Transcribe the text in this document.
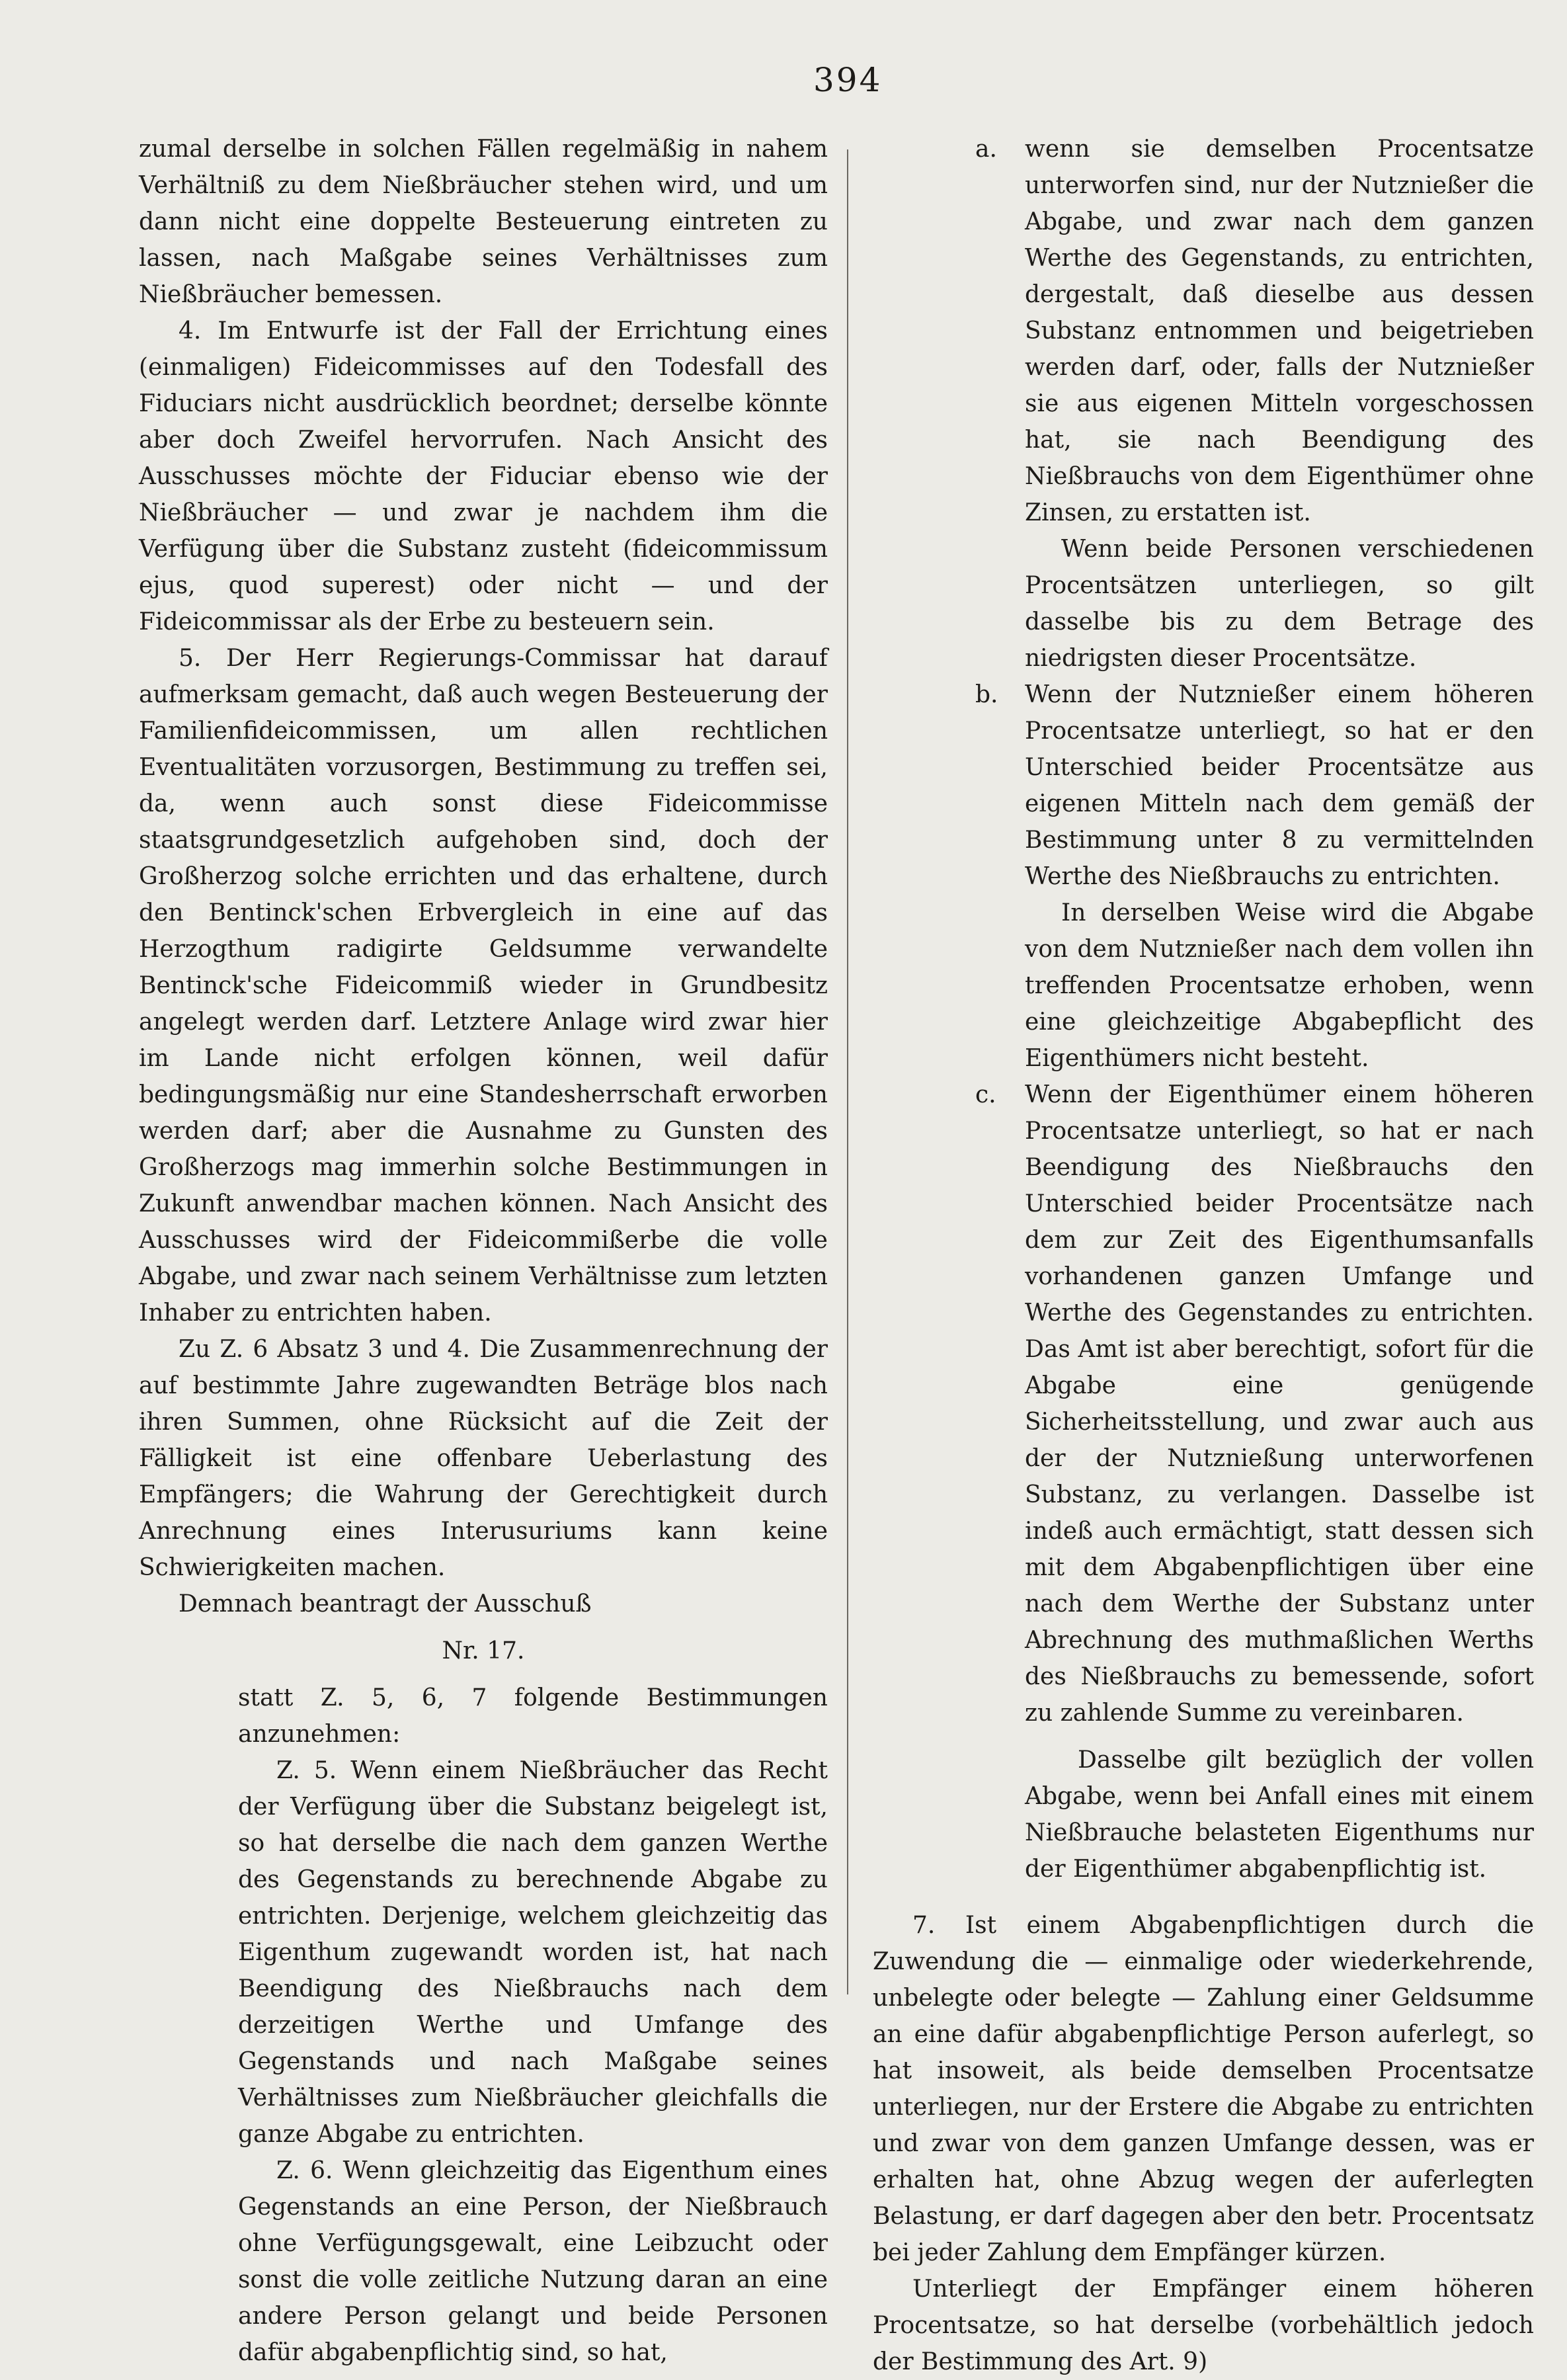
394

zumal derselbe in solchen Fällen regelmäßig in nahem Verhältniß zu dem Nießbräucher stehen wird, und um dann nicht eine doppelte Besteuerung eintreten zu lassen, nach Maßgabe seines Verhältnisses zum Nießbräucher bemessen.

4. Im Entwurfe ist der Fall der Errichtung eines (einmaligen) Fideicommisses auf den Todesfall des Fiduciars nicht ausdrücklich beordnet; derselbe könnte aber doch Zweifel hervorrufen. Nach Ansicht des Ausschusses möchte der Fiduciar ebenso wie der Nießbräucher — und zwar je nachdem ihm die Verfügung über die Substanz zusteht (fideicommissum ejus, quod superest) oder nicht — und der Fideicommissar als der Erbe zu besteuern sein.

5. Der Herr Regierungs-Commissar hat darauf aufmerksam gemacht, daß auch wegen Besteuerung der Familienfideicommissen, um allen rechtlichen Eventualitäten vorzusorgen, Bestimmung zu treffen sei, da, wenn auch sonst diese Fideicommisse staatsgrundgesetzlich aufgehoben sind, doch der Großherzog solche errichten und das erhaltene, durch den Bentinck'schen Erbvergleich in eine auf das Herzogthum radigirte Geldsumme verwandelte Bentinck'sche Fideicommiß wieder in Grundbesitz angelegt werden darf. Letztere Anlage wird zwar hier im Lande nicht erfolgen können, weil dafür bedingungsmäßig nur eine Standesherrschaft erworben werden darf; aber die Ausnahme zu Gunsten des Großherzogs mag immerhin solche Bestimmungen in Zukunft anwendbar machen können. Nach Ansicht des Ausschusses wird der Fideicommißerbe die volle Abgabe, und zwar nach seinem Verhältnisse zum letzten Inhaber zu entrichten haben.

Zu Z. 6 Absatz 3 und 4. Die Zusammenrechnung der auf bestimmte Jahre zugewandten Beträge blos nach ihren Summen, ohne Rücksicht auf die Zeit der Fälligkeit ist eine offenbare Ueberlastung des Empfängers; die Wahrung der Gerechtigkeit durch Anrechnung eines Interusuriums kann keine Schwierigkeiten machen.

Demnach beantragt der Ausschuß

Nr. 17.

statt Z. 5, 6, 7 folgende Bestimmungen anzunehmen:

Z. 5. Wenn einem Nießbräucher das Recht der Verfügung über die Substanz beigelegt ist, so hat derselbe die nach dem ganzen Werthe des Gegenstands zu berechnende Abgabe zu entrichten. Derjenige, welchem gleichzeitig das Eigenthum zugewandt worden ist, hat nach Beendigung des Nießbrauchs nach dem derzeitigen Werthe und Umfange des Gegenstands und nach Maßgabe seines Verhältnisses zum Nießbräucher gleichfalls die ganze Abgabe zu entrichten.

Z. 6. Wenn gleichzeitig das Eigenthum eines Gegenstands an eine Person, der Nießbrauch ohne Verfügungsgewalt, eine Leibzucht oder sonst die volle zeitliche Nutzung daran an eine andere Person gelangt und beide Personen dafür abgabenpflichtig sind, so hat,

a. wenn sie demselben Procentsatze unterworfen sind, nur der Nutznießer die Abgabe, und zwar nach dem ganzen Werthe des Gegenstands, zu entrichten, dergestalt, daß dieselbe aus dessen Substanz entnommen und beigetrieben werden darf, oder, falls der Nutznießer sie aus eigenen Mitteln vorgeschossen hat, sie nach Beendigung des Nießbrauchs von dem Eigenthümer ohne Zinsen, zu erstatten ist.

Wenn beide Personen verschiedenen Procentsätzen unterliegen, so gilt dasselbe bis zu dem Betrage des niedrigsten dieser Procentsätze.

b. Wenn der Nutznießer einem höheren Procentsatze unterliegt, so hat er den Unterschied beider Procentsätze aus eigenen Mitteln nach dem gemäß der Bestimmung unter 8 zu vermittelnden Werthe des Nießbrauchs zu entrichten.

In derselben Weise wird die Abgabe von dem Nutznießer nach dem vollen ihn treffenden Procentsatze erhoben, wenn eine gleichzeitige Abgabepflicht des Eigenthümers nicht besteht.

c. Wenn der Eigenthümer einem höheren Procentsatze unterliegt, so hat er nach Beendigung des Nießbrauchs den Unterschied beider Procentsätze nach dem zur Zeit des Eigenthumsanfalls vorhandenen ganzen Umfange und Werthe des Gegenstandes zu entrichten. Das Amt ist aber berechtigt, sofort für die Abgabe eine genügende Sicherheitsstellung, und zwar auch aus der der Nutznießung unterworfenen Substanz, zu verlangen. Dasselbe ist indeß auch ermächtigt, statt dessen sich mit dem Abgabenpflichtigen über eine nach dem Werthe der Substanz unter Abrechnung des muthmaßlichen Werths des Nießbrauchs zu bemessende, sofort zu zahlende Summe zu vereinbaren.

Dasselbe gilt bezüglich der vollen Abgabe, wenn bei Anfall eines mit einem Nießbrauche belasteten Eigenthums nur der Eigenthümer abgabenpflichtig ist.

7. Ist einem Abgabenpflichtigen durch die Zuwendung die — einmalige oder wiederkehrende, unbelegte oder belegte — Zahlung einer Geldsumme an eine dafür abgabenpflichtige Person auferlegt, so hat insoweit, als beide demselben Procentsatze unterliegen, nur der Erstere die Abgabe zu entrichten und zwar von dem ganzen Umfange dessen, was er erhalten hat, ohne Abzug wegen der auferlegten Belastung, er darf dagegen aber den betr. Procentsatz bei jeder Zahlung dem Empfänger kürzen.

Unterliegt der Empfänger einem höheren Procentsatze, so hat derselbe (vorbehältlich jedoch der Bestimmung des Art. 9)
